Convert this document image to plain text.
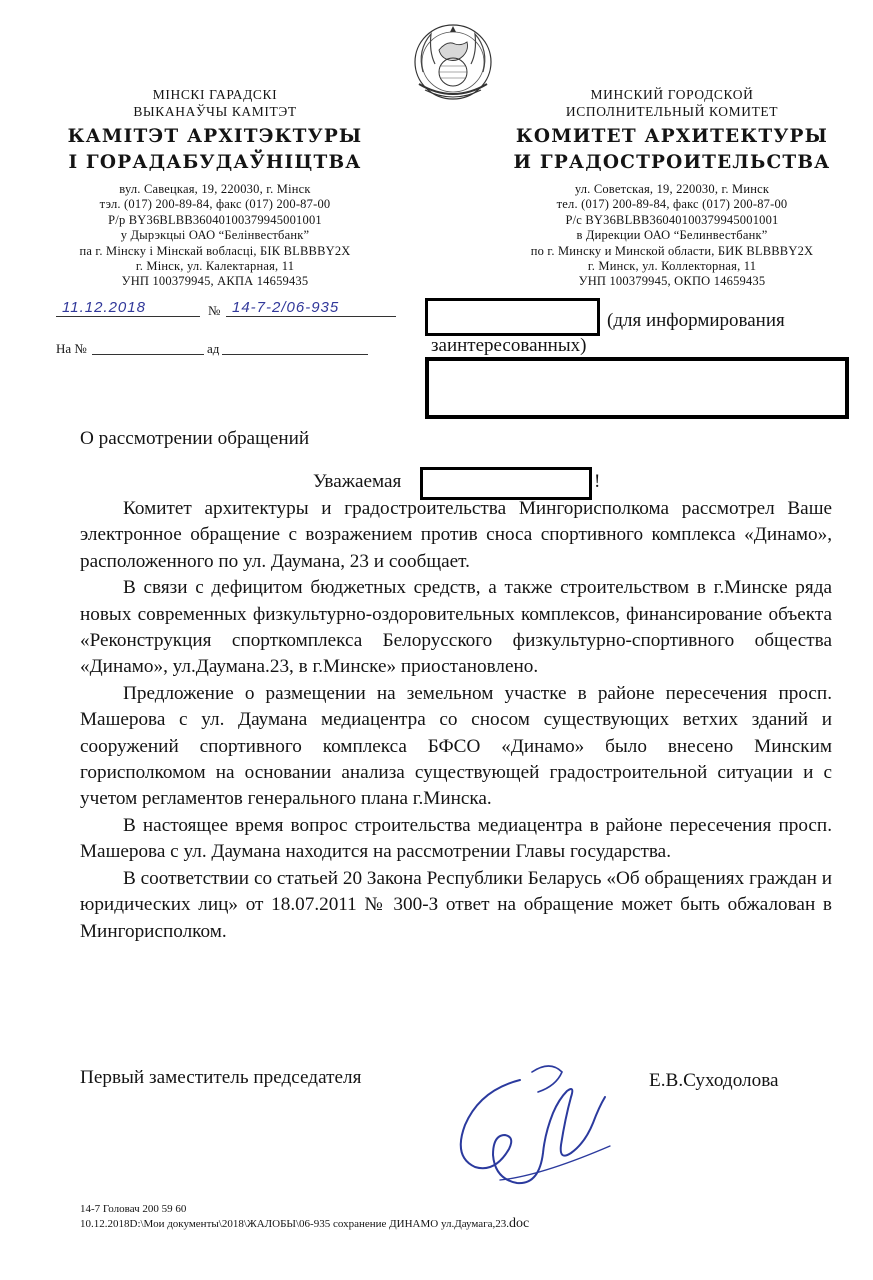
МІНСКІ ГАРАДСКІ
ВЫКАНАЎЧЫ КАМІТЭТ
КАМІТЭТ АРХІТЭКТУРЫ
І ГОРАДАБУДАЎНІЦТВА
вул. Савецкая, 19, 220030, г. Мінск
тэл. (017) 200-89-84, факс (017) 200-87-00
Р/р BY36BLBB36040100379945001001
у Дырэкцыі ОАО “Белінвестбанк”
па г. Мінску і Мінскай вобласці, БІК BLBBBY2X
г. Мінск, ул. Калектарная, 11
УНП 100379945, АКПА 14659435
МИНСКИЙ ГОРОДСКОЙ
ИСПОЛНИТЕЛЬНЫЙ КОМИТЕТ
КОМИТЕТ АРХИТЕКТУРЫ
И ГРАДОСТРОИТЕЛЬСТВА
ул. Советская, 19, 220030, г. Минск
тел. (017) 200-89-84, факс (017) 200-87-00
Р/с BY36BLBB36040100379945001001
в Дирекции ОАО “Белинвестбанк”
по г. Минску и Минской области, БИК BLBBBY2X
г. Минск, ул. Коллекторная, 11
УНП 100379945, ОКПО 14659435
11.12.2018	№ 14-7-2/06-935
На №	ад
(для информирования
заинтересованных)
О рассмотрении обращений
Уважаемая	!

Комитет архитектуры и градостроительства Мингорисполкома рассмотрел Ваше электронное обращение с возражением против сноса спортивного комплекса «Динамо», расположенного по ул. Даумана, 23 и сообщает.

В связи с дефицитом бюджетных средств, а также строительством в г.Минске ряда новых современных физкультурно-оздоровительных комплексов, финансирование объекта «Реконструкция спорткомплекса Белорусского физкультурно-спортивного общества «Динамо», ул.Даумана.23, в г.Минске» приостановлено.

Предложение о размещении на земельном участке в районе пересечения просп. Машерова с ул. Даумана медиацентра со сносом существующих ветхих зданий и сооружений спортивного комплекса БФСО «Динамо» было внесено Минским горисполкомом на основании анализа существующей градостроительной ситуации и с учетом регламентов генерального плана г.Минска.

В настоящее время вопрос строительства медиацентра в районе пересечения просп. Машерова с ул. Даумана находится на рассмотрении Главы государства.

В соответствии со статьей 20 Закона Республики Беларусь «Об обращениях граждан и юридических лиц» от 18.07.2011 № 300-З ответ на обращение может быть обжалован в Мингорисполком.

Первый заместитель председателя	Е.В.Суходолова
14-7 Головач 200 59 60
10.12.2018D:\Мои документы\2018\ЖАЛОБЫ\06-935 сохранение ДИНАМО ул.Даумага,23.doc
